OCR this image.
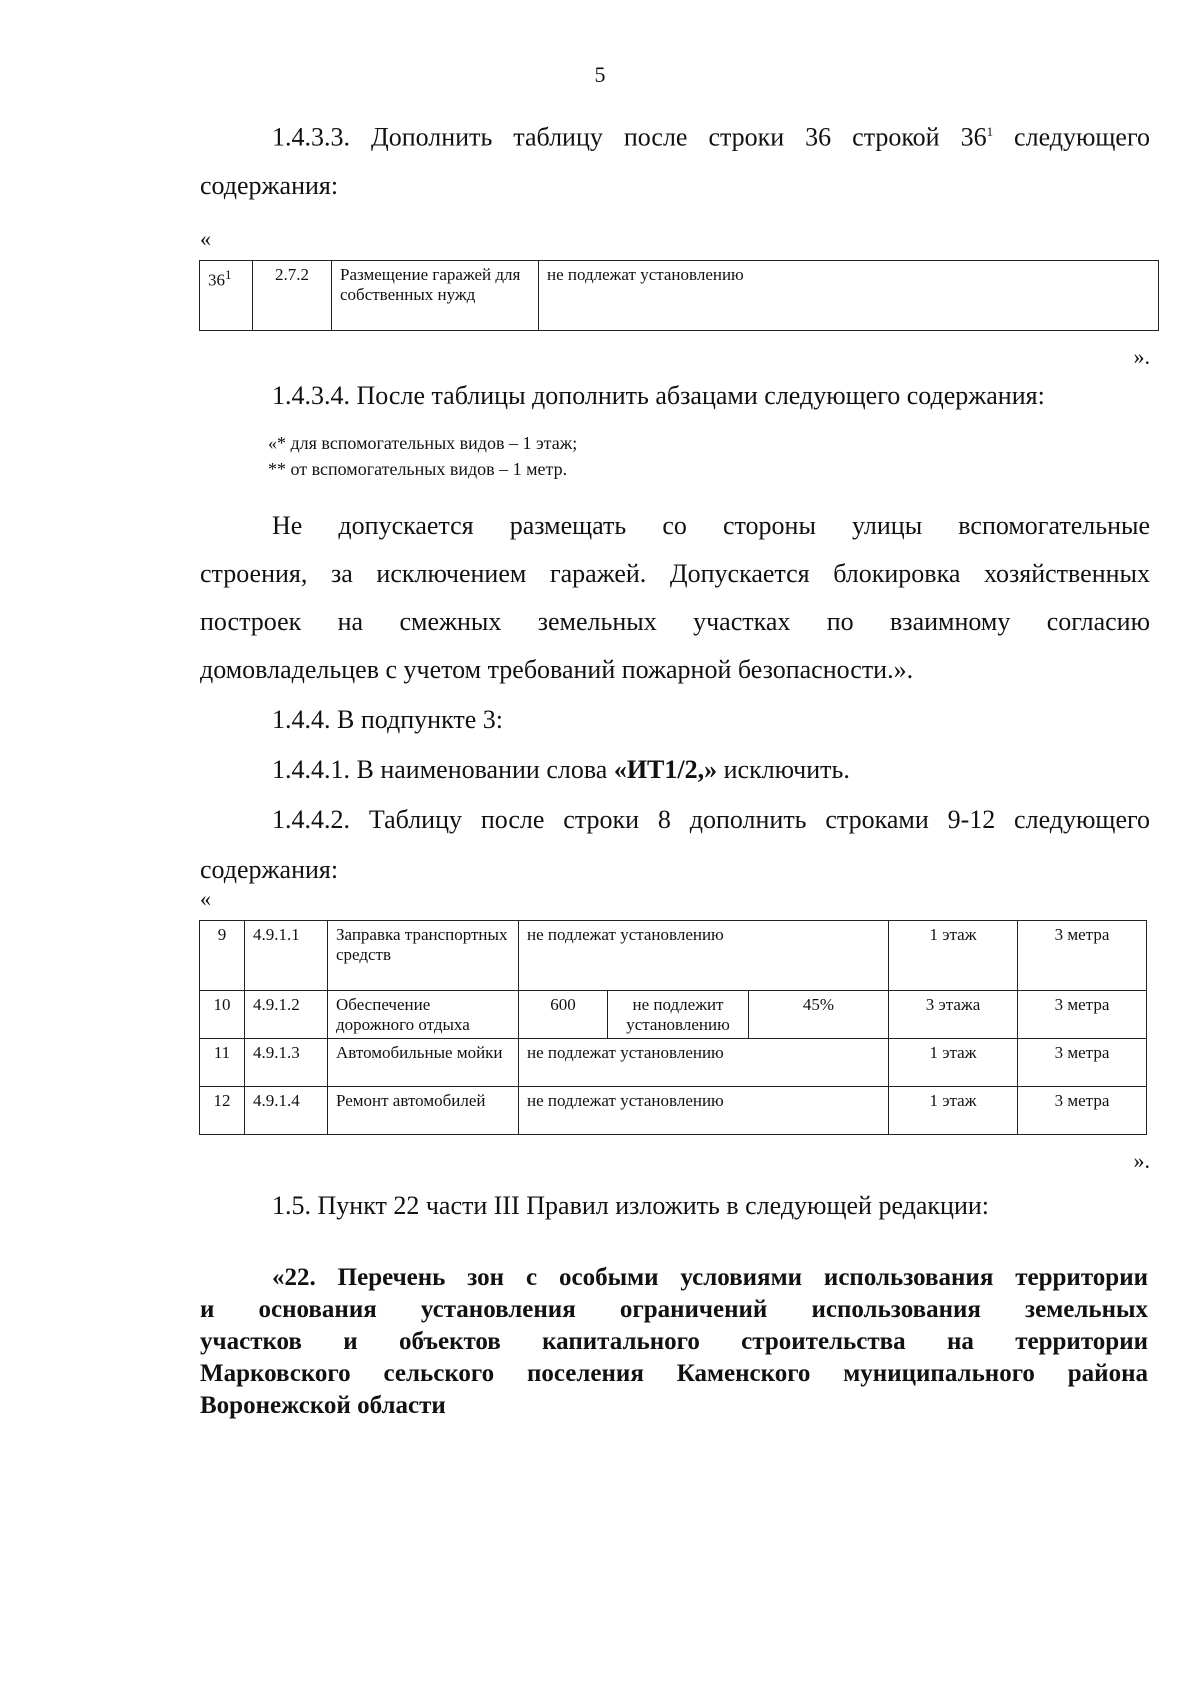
5
1.4.3.3. Дополнить таблицу после строки 36 строкой $36^1$ следующего
содержания:
«
$36^1$	2.7.2	Размещение гаражей для собственных нужд	не подлежат установлению
».
1.4.3.4. После таблицы дополнить абзацами следующего содержания:
«* для вспомогательных видов – 1 этаж;
** от вспомогательных видов – 1 метр.
Не допускается размещать со стороны улицы вспомогательные
строения, за исключением гаражей. Допускается блокировка хозяйственных
построек на смежных земельных участках по взаимному согласию
домовладельцев с учетом требований пожарной безопасности.».
1.4.4. В подпункте 3:
1.4.4.1. В наименовании слова «ИТ1/2,» исключить.
1.4.4.2. Таблицу после строки 8 дополнить строками 9-12 следующего
содержания:
«
9	4.9.1.1	Заправка транспортных средств	не подлежат установлению			1 этаж	3 метра
10	4.9.1.2	Обеспечение дорожного отдыха	600	не подлежит установлению	45%	3 этажа	3 метра
11	4.9.1.3	Автомобильные мойки	не подлежат установлению			1 этаж	3 метра
12	4.9.1.4	Ремонт автомобилей	не подлежат установлению			1 этаж	3 метра
».
1.5. Пункт 22 части III Правил изложить в следующей редакции:
«22. Перечень зон с особыми условиями использования территории
и основания установления ограничений использования земельных
участков и объектов капитального строительства на территории
Марковского сельского поселения Каменского муниципального района
Воронежской области
